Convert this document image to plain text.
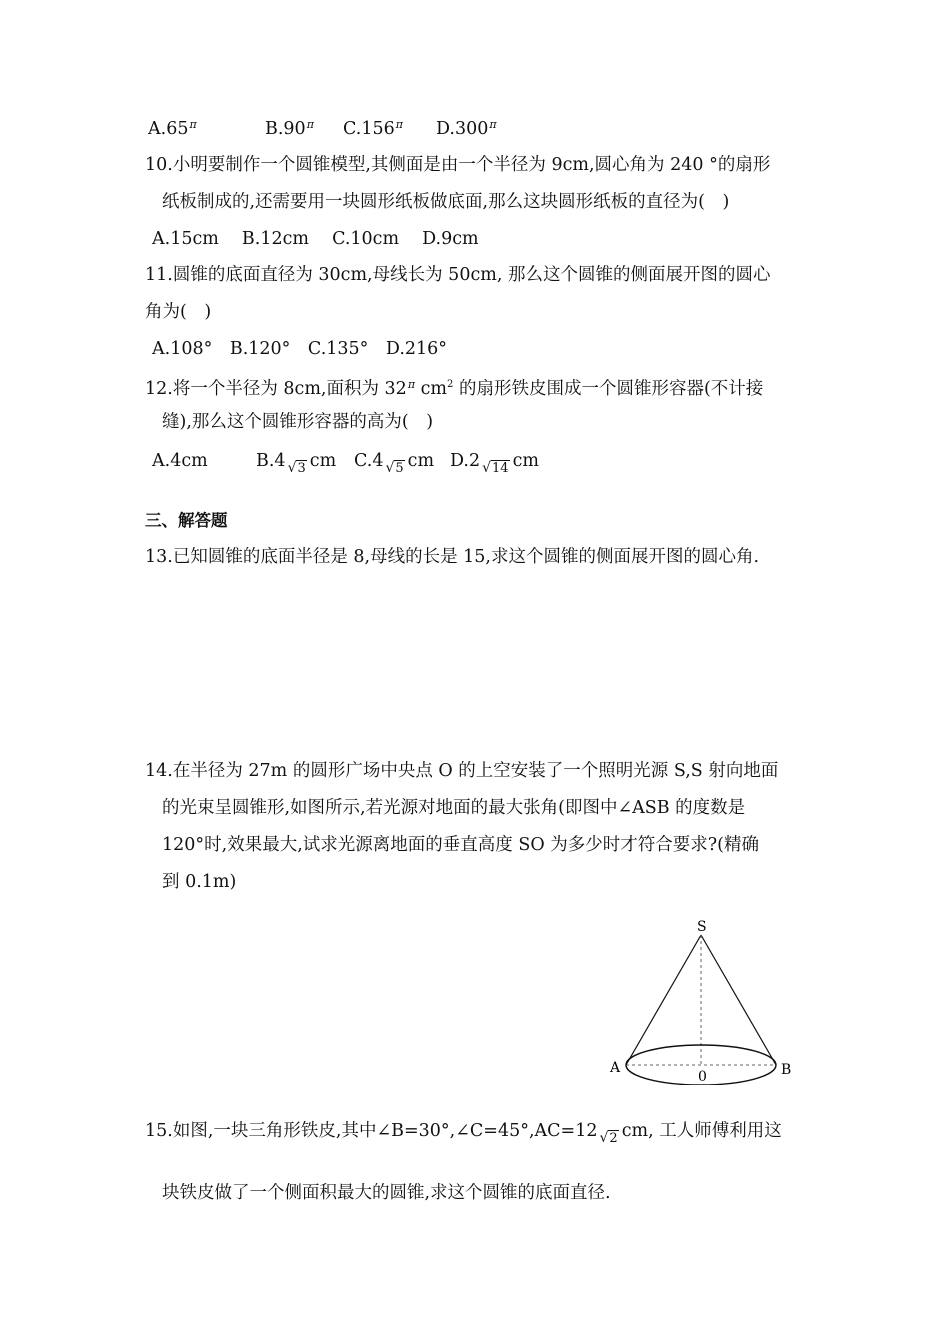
$A.65^\pi$	$B.90^\pi$ $C.156^\pi$ $D.300^\pi$
10.小明要制作一个圆锥模型,其侧面是由一个半径为 9cm,圆心角为 240 °的扇形
纸板制成的,还需要用一块圆形纸板做底面,那么这块圆形纸板的直径为(　)
A.15cm　 B.12cm　 C.10cm　 D.9cm
11.圆锥的底面直径为 30cm,母线长为 50cm, 那么这个圆锥的侧面展开图的圆心
角为(　)
A.108°　B.120°　C.135°　D.216°
12.将一个半径为 8cm,面积为 $32^\pi$ $cm^2$ 的扇形铁皮围成一个圆锥形容器(不计接
缝),那么这个圆锥形容器的高为(　)
A.4cm	B.4 √3 cm C.4 √5 cm D.2 √14 cm
三、解答题
13.已知圆锥的底面半径是 8,母线的长是 15,求这个圆锥的侧面展开图的圆心角.
14.在半径为 27m 的圆形广场中央点 O 的上空安装了一个照明光源 S,S 射向地面
的光束呈圆锥形,如图所示,若光源对地面的最大张角(即图中∠ASB 的度数是
120°时,效果最大,试求光源离地面的垂直高度 SO 为多少时才符合要求?(精确
到 0.1m)
S
A	B
0
15.如图,一块三角形铁皮,其中∠B=30°,∠C=45°,AC=12 √2 cm, 工人师傅利用这
块铁皮做了一个侧面积最大的圆锥,求这个圆锥的底面直径.
